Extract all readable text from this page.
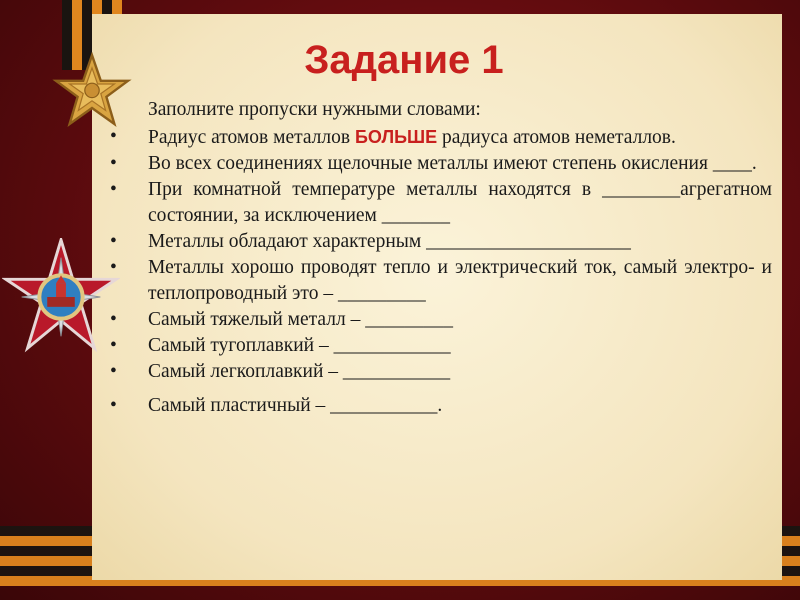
Задание 1
Заполните пропуски нужными словами:
• Радиус атомов металлов БОЛЬШЕ радиуса атомов неметаллов.
• Во всех соединениях щелочные металлы имеют степень окисления ____.
• При комнатной температуре металлы находятся в ________агрегатном состоянии, за исключением _______
• Металлы обладают характерным _____________________
• Металлы хорошо проводят тепло и электрический ток, самый электро- и теплопроводный это – _________
• Самый тяжелый металл – _________
• Самый тугоплавкий – ____________
• Самый легкоплавкий – ___________
• Самый пластичный – ___________.
